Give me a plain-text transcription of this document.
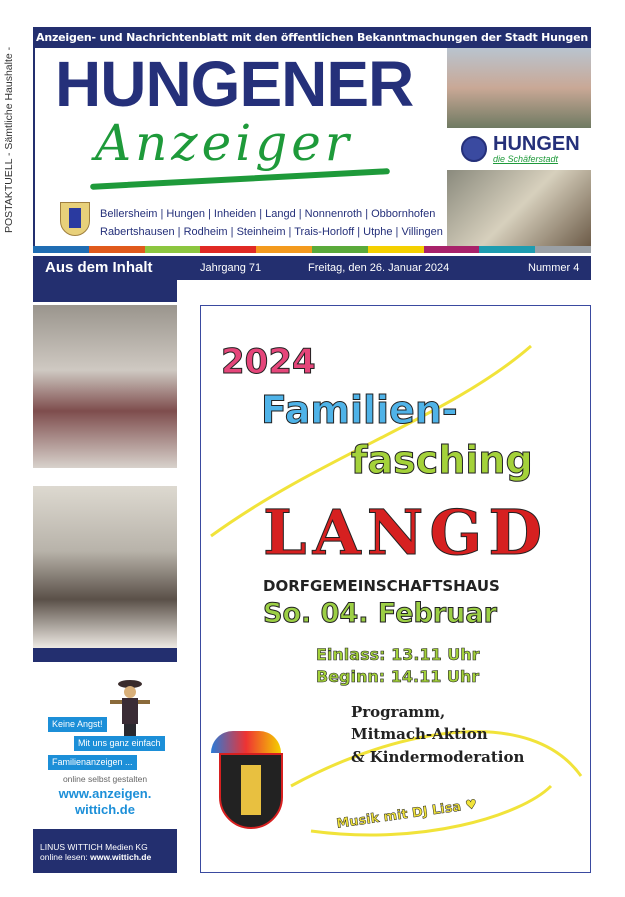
POSTAKTUELL - Sämtliche Haushalte -
Anzeigen- und Nachrichtenblatt mit den öffentlichen Bekanntmachungen der Stadt Hungen
HUNGENER
Anzeiger
Bellersheim | Hungen | Inheiden | Langd | Nonnenroth | Obbornhofen
Rabertshausen | Rodheim | Steinheim | Trais-Horloff | Utphe | Villingen
HUNGEN
die Schäferstadt
Aus dem Inhalt	Jahrgang 71	Freitag, den 26. Januar 2024	Nummer 4
Keine Angst!
Mit uns ganz einfach
Familienanzeigen ...
online selbst gestalten
www.anzeigen.
wittich.de
LINUS WITTICH Medien KG
online lesen: www.wittich.de
2024
Familien-
fasching
LANGD
DORFGEMEINSCHAFTSHAUS
So. 04. Februar
Einlass: 13.11 Uhr
Beginn: 14.11 Uhr
Programm,
Mitmach-Aktion
& Kindermoderation
Musik mit DJ Lisa ♥
